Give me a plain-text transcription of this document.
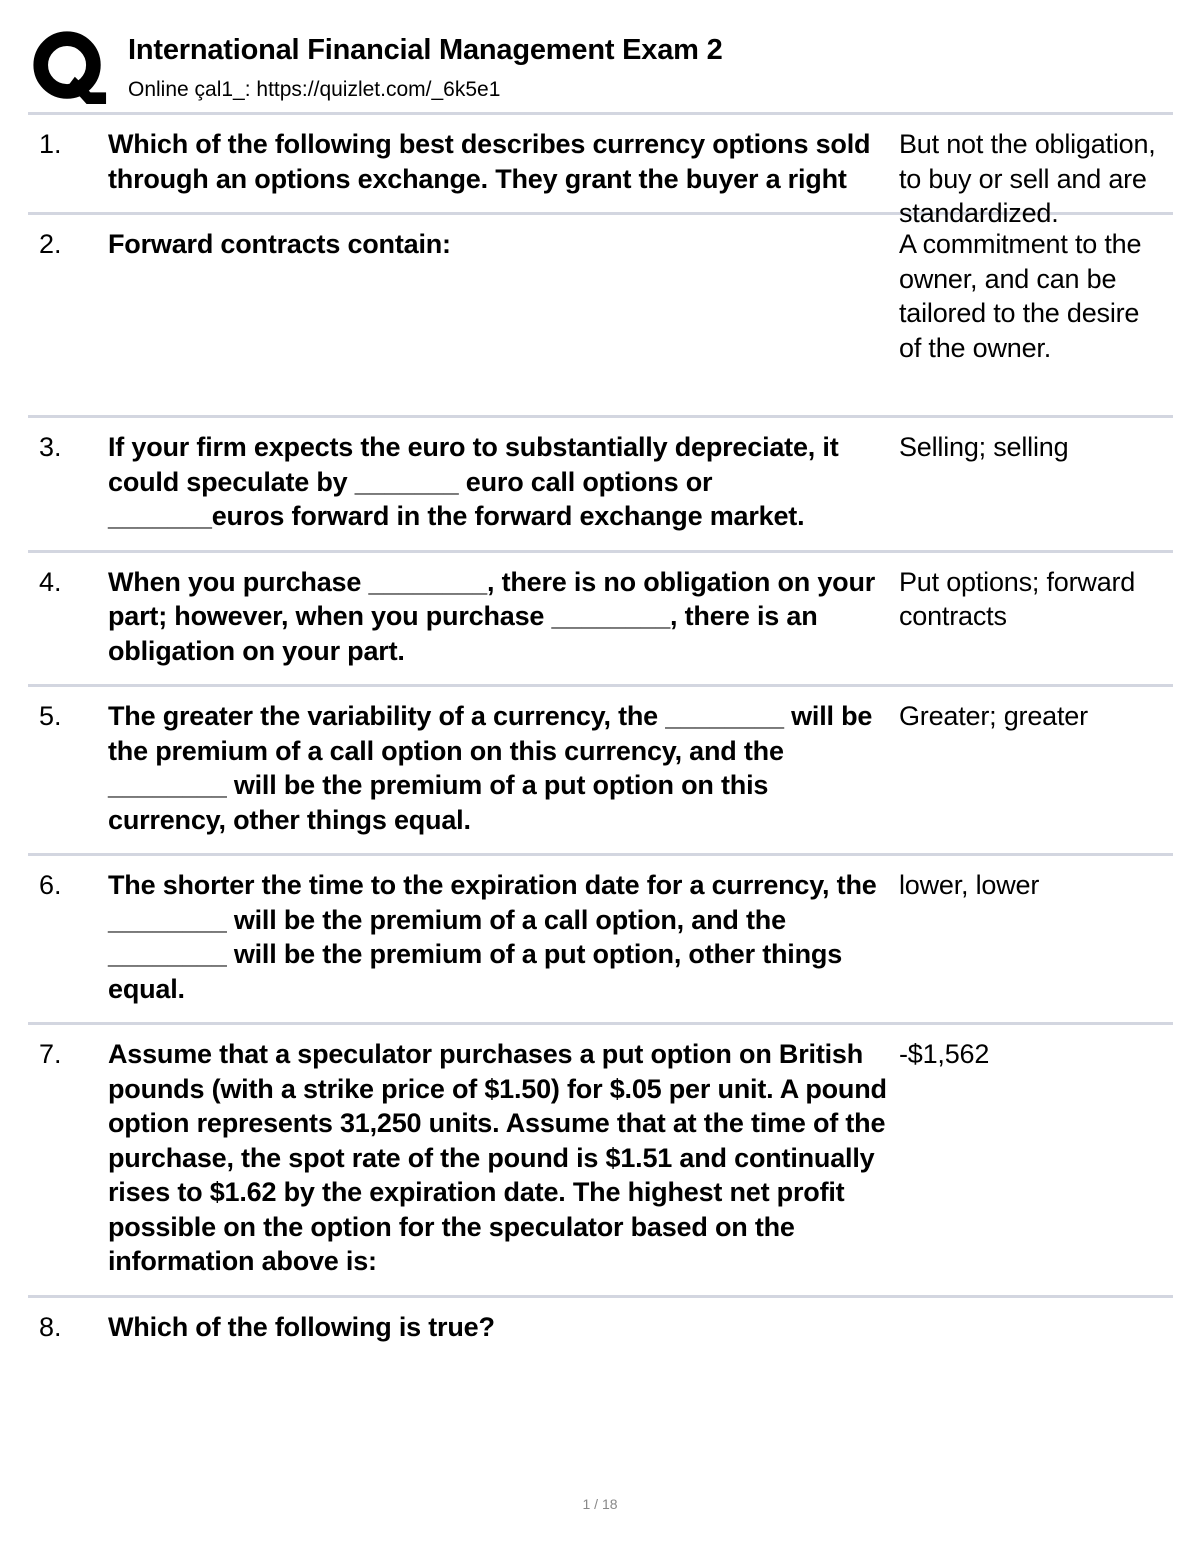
International Financial Management Exam 2
Online çal1_: https://quizlet.com/_6k5e1
1. Which of the following best describes currency options sold through an options exchange. They grant the buyer a right
But not the obligation, to buy or sell and are standardized.
2. Forward contracts contain:	A commitment to the owner, and can be tailored to the desire of the owner.
3. If your firm expects the euro to substantially depreciate, it could speculate by _______ euro call options or _______euros forward in the forward exchange market.
Selling; selling
4. When you purchase ________, there is no obligation on your part; however, when you purchase ________, there is an obligation on your part.
Put options; forward contracts
5. The greater the variability of a currency, the ________ will be the premium of a call option on this currency, and the ________ will be the premium of a put option on this currency, other things equal.
Greater; greater
6. The shorter the time to the expiration date for a currency, the ________ will be the premium of a call option, and the ________ will be the premium of a put option, other things equal.
lower, lower
7. Assume that a speculator purchases a put option on British pounds (with a strike price of $1.50) for $.05 per unit. A pound option represents 31,250 units. Assume that at the time of the purchase, the spot rate of the pound is $1.51 and continually rises to $1.62 by the expiration date. The highest net profit possible on the option for the speculator based on the information above is:
-$1,562
8. Which of the following is true?
1 / 18
